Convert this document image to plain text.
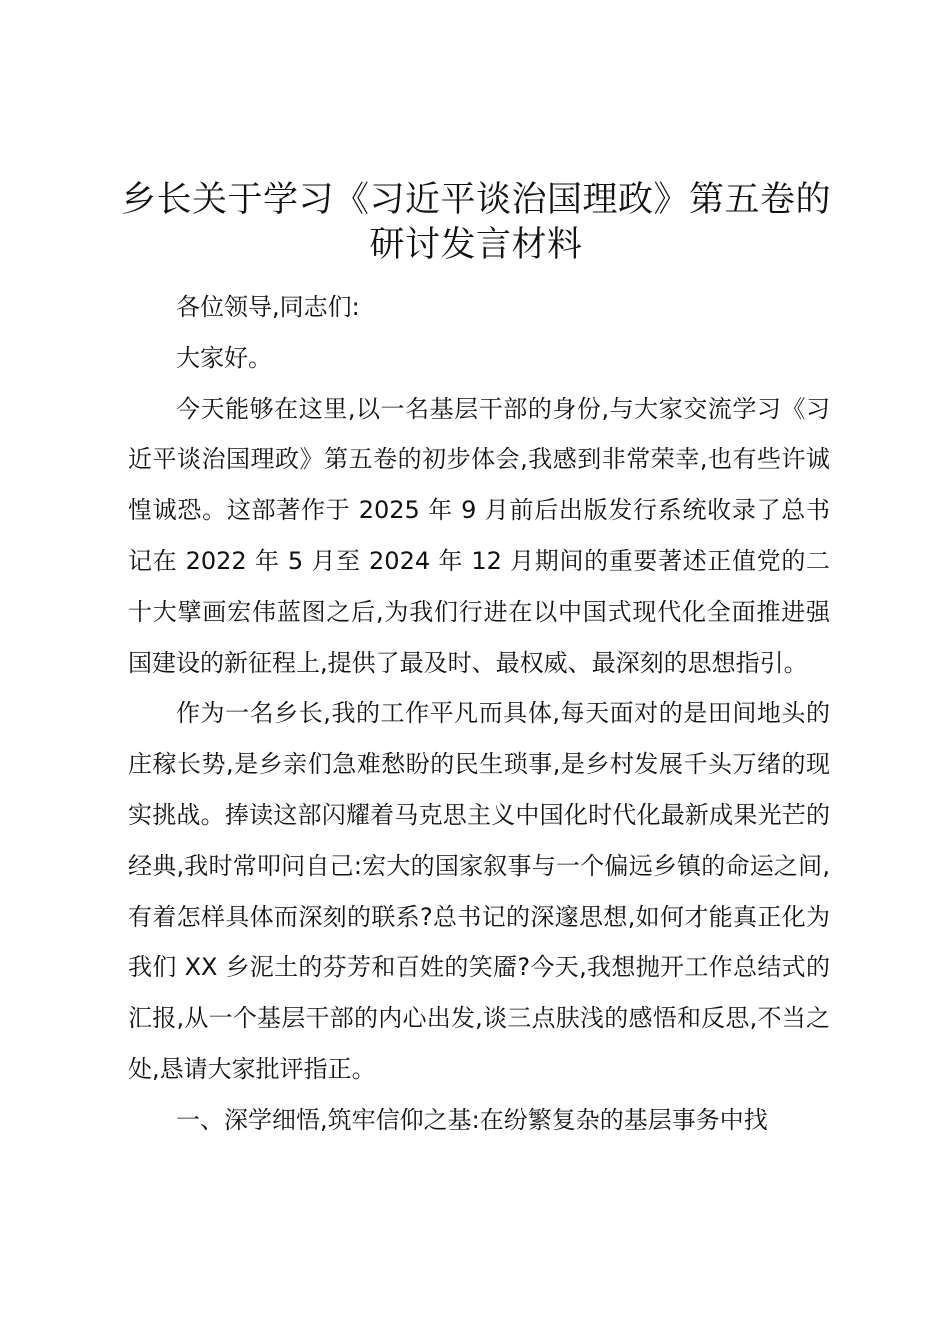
乡长关于学习《习近平谈治国理政》第五卷的研讨发言材料

各位领导,同志们:

大家好。

今天能够在这里,以一名基层干部的身份,与大家交流学习《习近平谈治国理政》第五卷的初步体会,我感到非常荣幸,也有些许诚惶诚恐。这部著作于 2025 年 9 月前后出版发行系统收录了总书记在 2022 年 5 月至 2024 年 12 月期间的重要著述正值党的二十大擘画宏伟蓝图之后,为我们行进在以中国式现代化全面推进强国建设的新征程上,提供了最及时、最权威、最深刻的思想指引。

作为一名乡长,我的工作平凡而具体,每天面对的是田间地头的庄稼长势,是乡亲们急难愁盼的民生琐事,是乡村发展千头万绪的现实挑战。捧读这部闪耀着马克思主义中国化时代化最新成果光芒的经典,我时常叩问自己:宏大的国家叙事与一个偏远乡镇的命运之间,有着怎样具体而深刻的联系?总书记的深邃思想,如何才能真正化为我们 XX 乡泥土的芬芳和百姓的笑靥?今天,我想抛开工作总结式的汇报,从一个基层干部的内心出发,谈三点肤浅的感悟和反思,不当之处,恳请大家批评指正。

一、深学细悟,筑牢信仰之基:在纷繁复杂的基层事务中找
